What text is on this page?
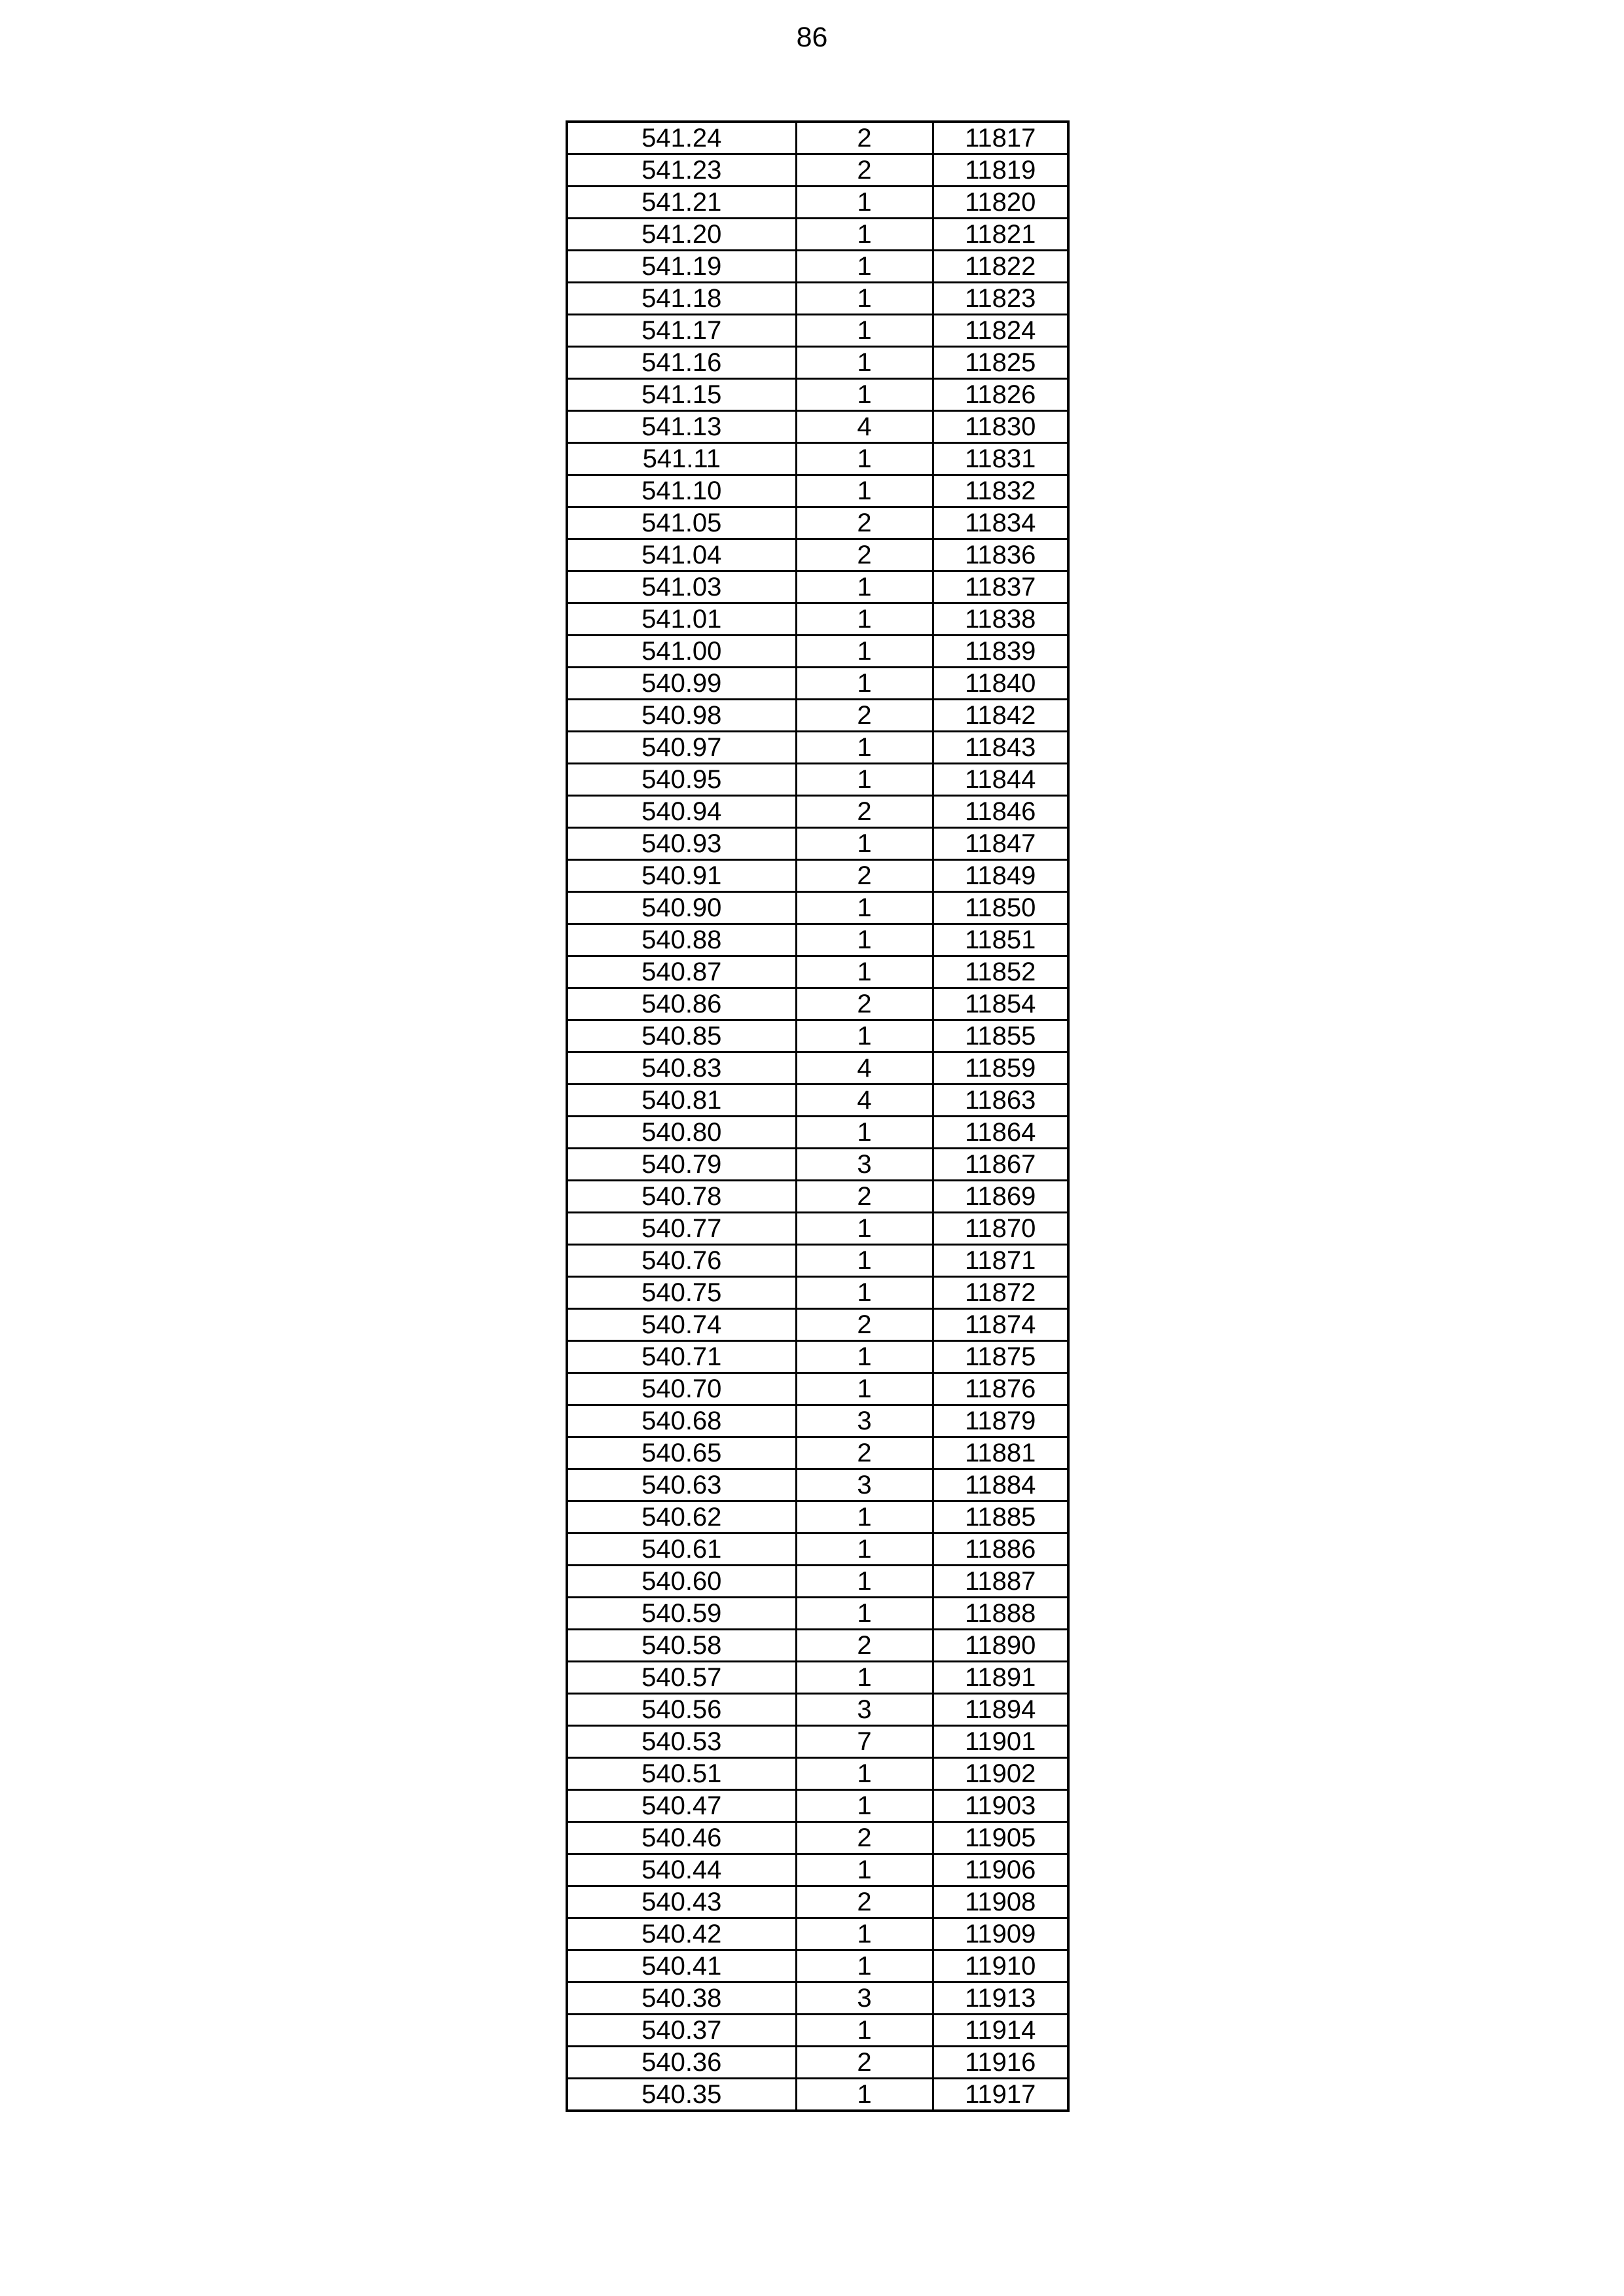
86
541.24	2	11817
541.23	2	11819
541.21	1	11820
541.20	1	11821
541.19	1	11822
541.18	1	11823
541.17	1	11824
541.16	1	11825
541.15	1	11826
541.13	4	11830
541.11	1	11831
541.10	1	11832
541.05	2	11834
541.04	2	11836
541.03	1	11837
541.01	1	11838
541.00	1	11839
540.99	1	11840
540.98	2	11842
540.97	1	11843
540.95	1	11844
540.94	2	11846
540.93	1	11847
540.91	2	11849
540.90	1	11850
540.88	1	11851
540.87	1	11852
540.86	2	11854
540.85	1	11855
540.83	4	11859
540.81	4	11863
540.80	1	11864
540.79	3	11867
540.78	2	11869
540.77	1	11870
540.76	1	11871
540.75	1	11872
540.74	2	11874
540.71	1	11875
540.70	1	11876
540.68	3	11879
540.65	2	11881
540.63	3	11884
540.62	1	11885
540.61	1	11886
540.60	1	11887
540.59	1	11888
540.58	2	11890
540.57	1	11891
540.56	3	11894
540.53	7	11901
540.51	1	11902
540.47	1	11903
540.46	2	11905
540.44	1	11906
540.43	2	11908
540.42	1	11909
540.41	1	11910
540.38	3	11913
540.37	1	11914
540.36	2	11916
540.35	1	11917
